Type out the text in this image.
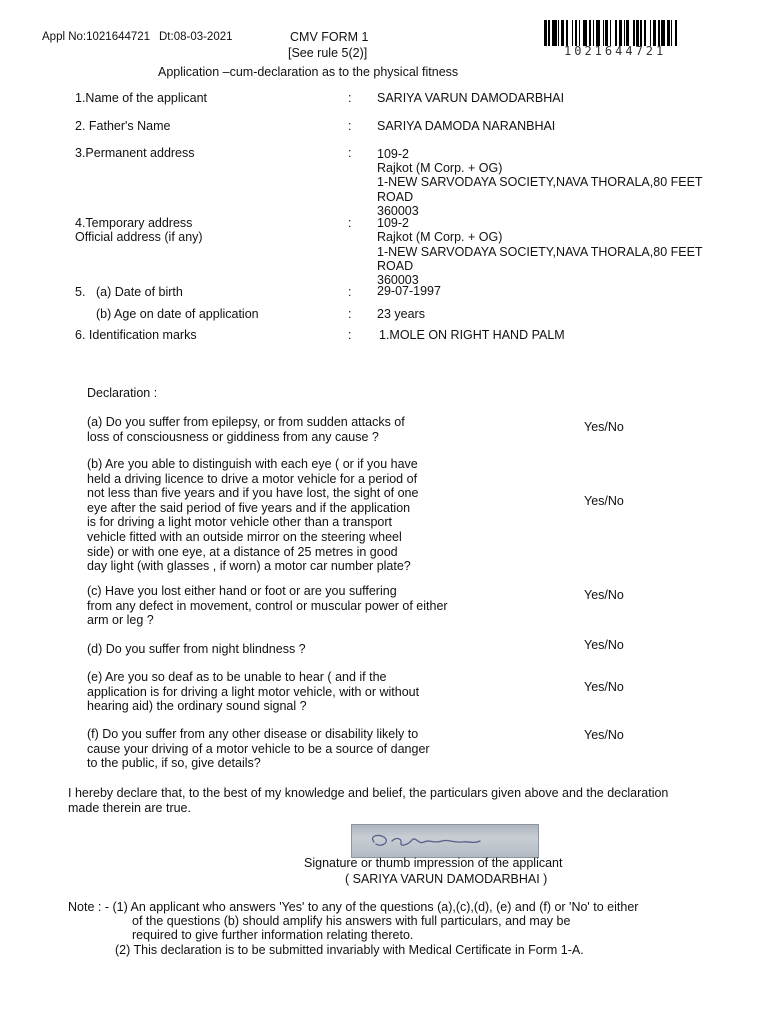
Appl No:1021644721 Dt:08-03-2021	CMV FORM 1
[See rule 5(2)]
Application –cum-declaration as to the physical fitness
1021644721
1.Name of the applicant	: SARIYA VARUN DAMODARBHAI
2. Father's Name	: SARIYA DAMODA NARANBHAI
3.Permanent address	: 109-2
Rajkot (M Corp. + OG)
1-NEW SARVODAYA SOCIETY,NAVA THORALA,80 FEET
ROAD
360003
4.Temporary address
Official address (if any)
: 109-2
Rajkot (M Corp. + OG)
1-NEW SARVODAYA SOCIETY,NAVA THORALA,80 FEET
ROAD
360003
5. (a) Date of birth	: 29-07-1997
(b) Age on date of application	: 23 years
6. Identification marks	: 1.MOLE ON RIGHT HAND PALM
Declaration :
(a) Do you suffer from epilepsy, or from sudden attacks of
loss of consciousness or giddiness from any cause ?
Yes/No
(b) Are you able to distinguish with each eye ( or if you have
held a driving licence to drive a motor vehicle for a period of
not less than five years and if you have lost, the sight of one
eye after the said period of five years and if the application
is for driving a light motor vehicle other than a transport
vehicle fitted with an outside mirror on the steering wheel
side) or with one eye, at a distance of 25 metres in good
day light (with glasses , if worn) a motor car number plate?
Yes/No
(c) Have you lost either hand or foot or are you suffering
from any defect in movement, control or muscular power of either
arm or leg ?
Yes/No
(d) Do you suffer from night blindness ?	Yes/No
(e) Are you so deaf as to be unable to hear ( and if the
application is for driving a light motor vehicle, with or without
hearing aid) the ordinary sound signal ?
Yes/No
(f) Do you suffer from any other disease or disability likely to
cause your driving of a motor vehicle to be a source of danger
to the public, if so, give details?
Yes/No
I hereby declare that, to the best of my knowledge and belief, the particulars given above and the declaration
made therein are true.
Signature or thumb impression of the applicant
( SARIYA VARUN DAMODARBHAI )
Note : - (1) An applicant who answers 'Yes' to any of the questions (a),(c),(d), (e) and (f) or 'No' to either
of the questions (b) should amplify his answers with full particulars, and may be
required to give further information relating thereto.
(2) This declaration is to be submitted invariably with Medical Certificate in Form 1-A.
